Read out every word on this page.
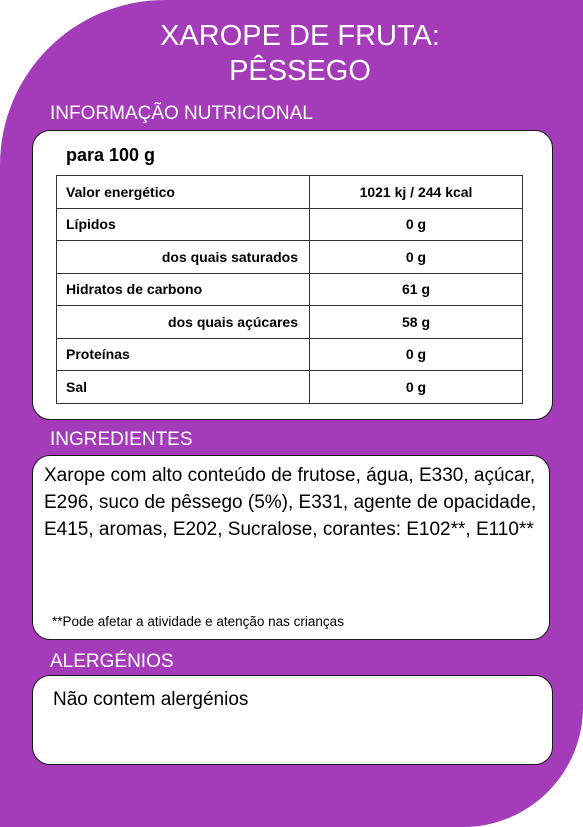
XAROPE DE FRUTA:
PÊSSEGO
INFORMAÇÃO NUTRICIONAL
para 100 g
Valor energético	1021 kj / 244 kcal
Lípidos	0 g
dos quais saturados	0 g
Hidratos de carbono	61 g
dos quais açúcares	58 g
Proteínas	0 g
Sal	0 g
INGREDIENTES

Xarope com alto conteúdo de frutose, água, E330, açúcar, E296, suco de pêssego (5%), E331, agente de opacidade, E415, aromas, E202, Sucralose, corantes: E102**, E110**

**Pode afetar a atividade e atenção nas crianças
ALERGÉNIOS
Não contem alergénios
